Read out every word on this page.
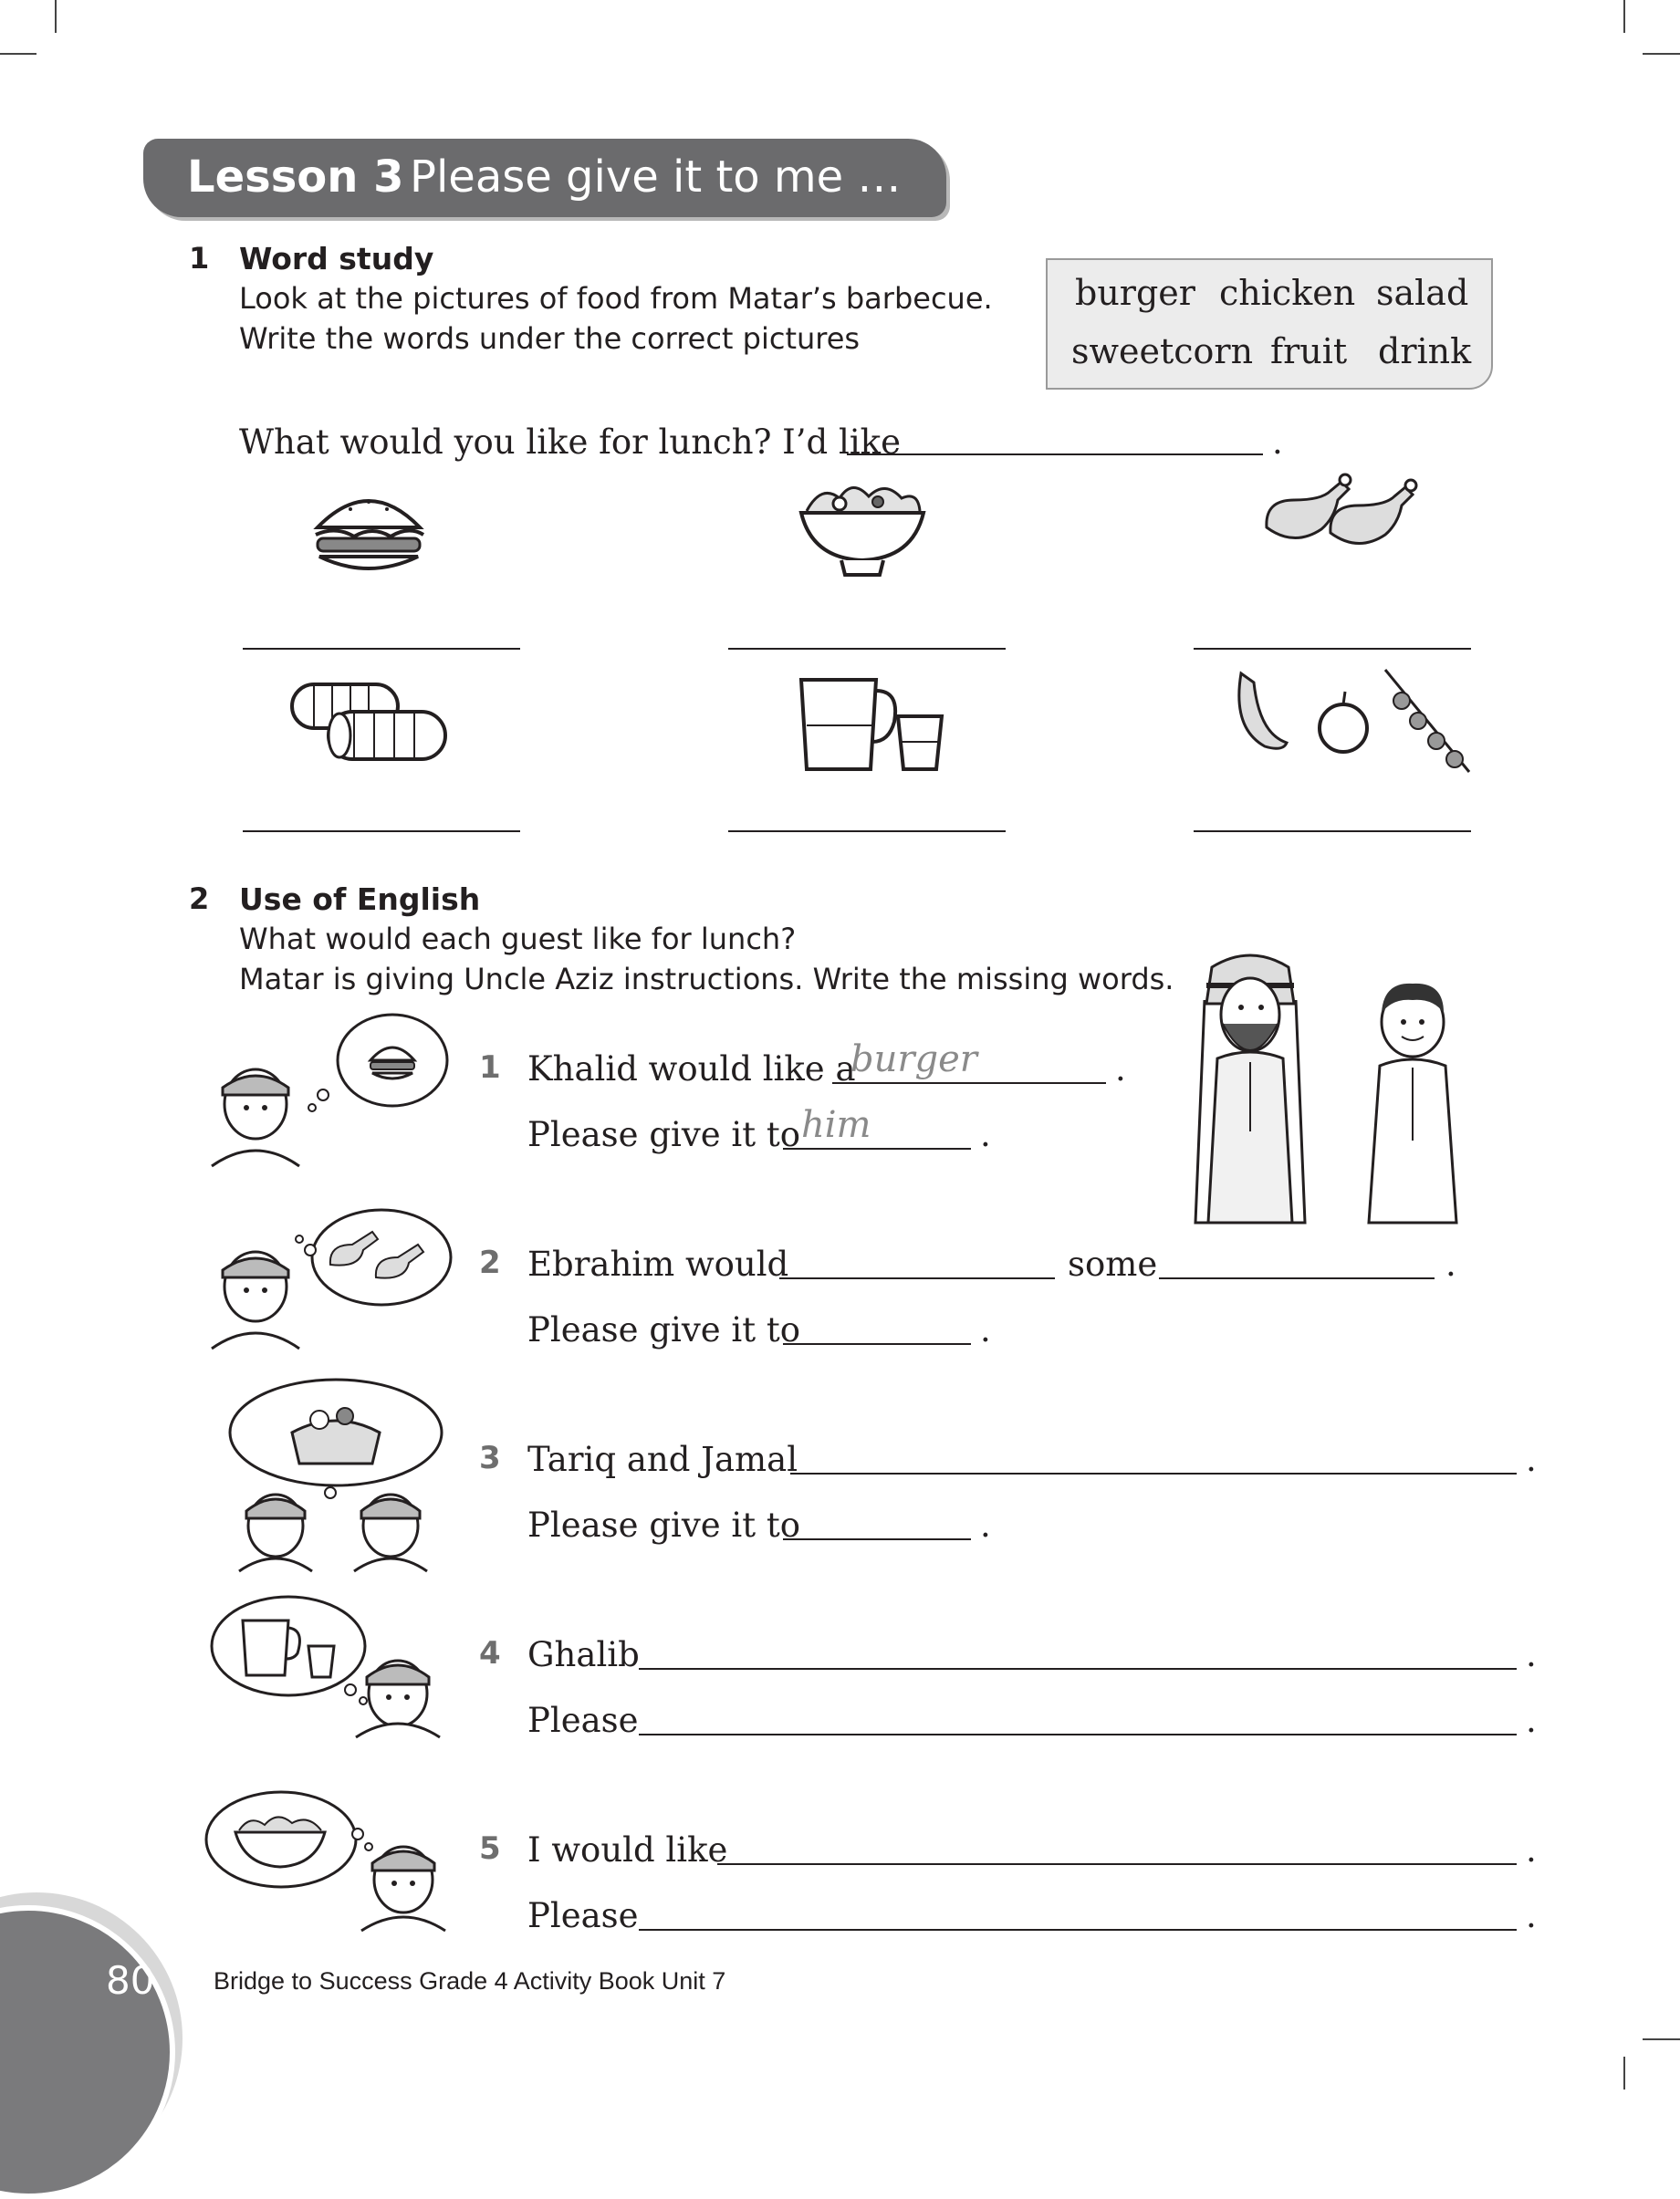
Lesson 3 Please give it to me …
1 Word study
Look at the pictures of food from Matar’s barbecue.
Write the words under the correct pictures
burger chicken salad
sweetcorn fruit drink
What would you like for lunch? I’d like	.
2 Use of English
What would each guest like for lunch?
Matar is giving Uncle Aziz instructions. Write the missing words.
1 Khalid would like a
burger	.
Please give it to him	.
2 Ebrahim would	some	.
Please give it to	.
3 Tariq and Jamal	.
Please give it to	.
4 Ghalib	.
Please	.
5 I would like	.
Please	.
80 Bridge to Success Grade 4 Activity Book Unit 7
